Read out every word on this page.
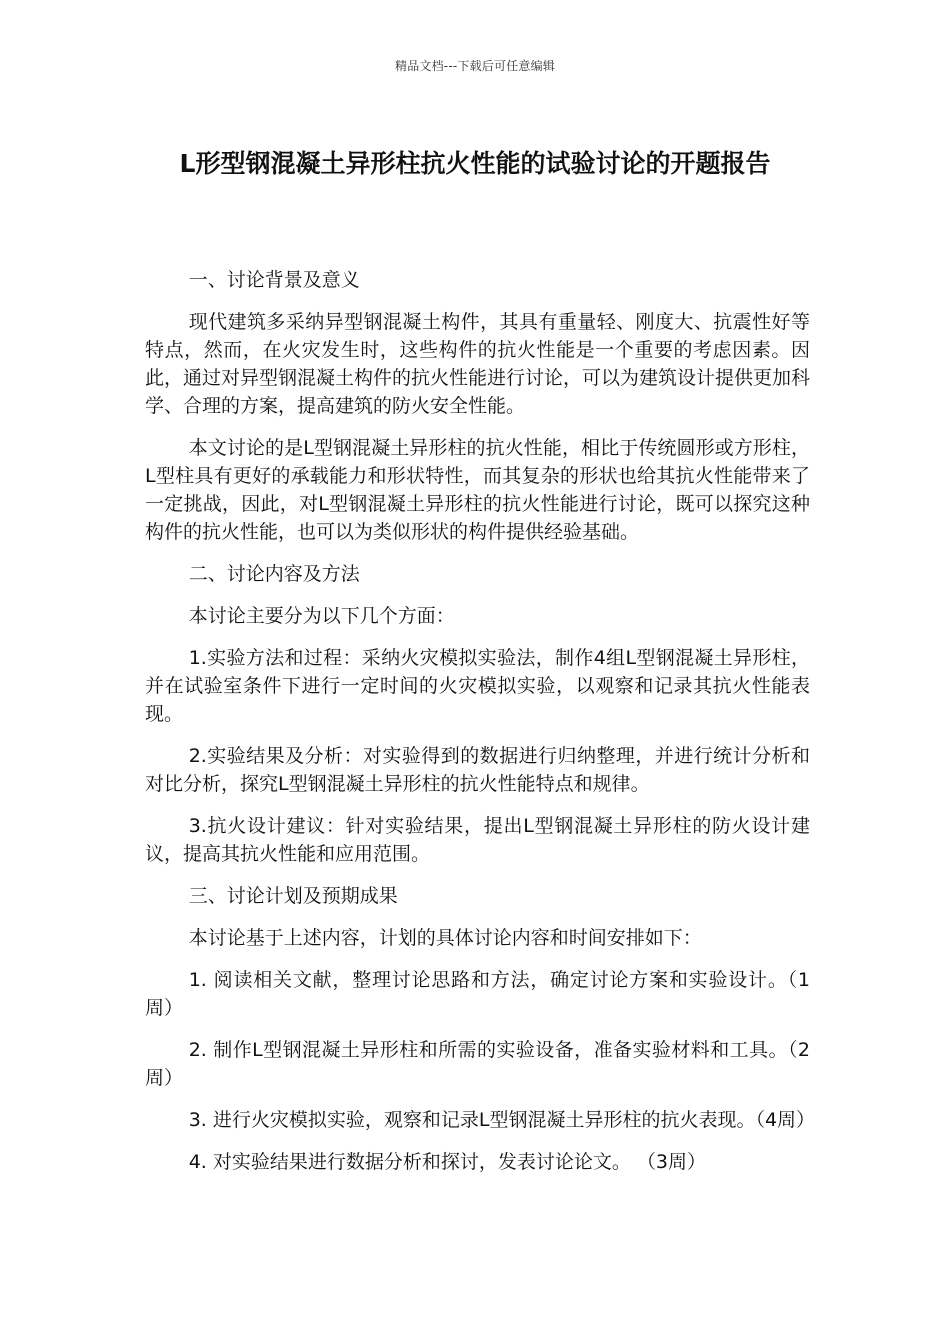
精品文档---下载后可任意编辑
L形型钢混凝土异形柱抗火性能的试验讨论的开题报告

一、讨论背景及意义

现代建筑多采纳异型钢混凝土构件，其具有重量轻、刚度大、抗震性好等特点，然而，在火灾发生时，这些构件的抗火性能是一个重要的考虑因素。因此，通过对异型钢混凝土构件的抗火性能进行讨论，可以为建筑设计提供更加科学、合理的方案，提高建筑的防火安全性能。

本文讨论的是L型钢混凝土异形柱的抗火性能，相比于传统圆形或方形柱，L型柱具有更好的承载能力和形状特性，而其复杂的形状也给其抗火性能带来了一定挑战，因此，对L型钢混凝土异形柱的抗火性能进行讨论，既可以探究这种构件的抗火性能，也可以为类似形状的构件提供经验基础。

二、讨论内容及方法

本讨论主要分为以下几个方面：

1.实验方法和过程：采纳火灾模拟实验法，制作4组L型钢混凝土异形柱，并在试验室条件下进行一定时间的火灾模拟实验，以观察和记录其抗火性能表现。

2.实验结果及分析：对实验得到的数据进行归纳整理，并进行统计分析和对比分析，探究L型钢混凝土异形柱的抗火性能特点和规律。

3.抗火设计建议：针对实验结果，提出L型钢混凝土异形柱的防火设计建议，提高其抗火性能和应用范围。

三、讨论计划及预期成果

本讨论基于上述内容，计划的具体讨论内容和时间安排如下：

1. 阅读相关文献，整理讨论思路和方法，确定讨论方案和实验设计。（1周）

2. 制作L型钢混凝土异形柱和所需的实验设备，准备实验材料和工具。（2周）

3. 进行火灾模拟实验，观察和记录L型钢混凝土异形柱的抗火表现。（4周）

4. 对实验结果进行数据分析和探讨，发表讨论论文。 （3周）
